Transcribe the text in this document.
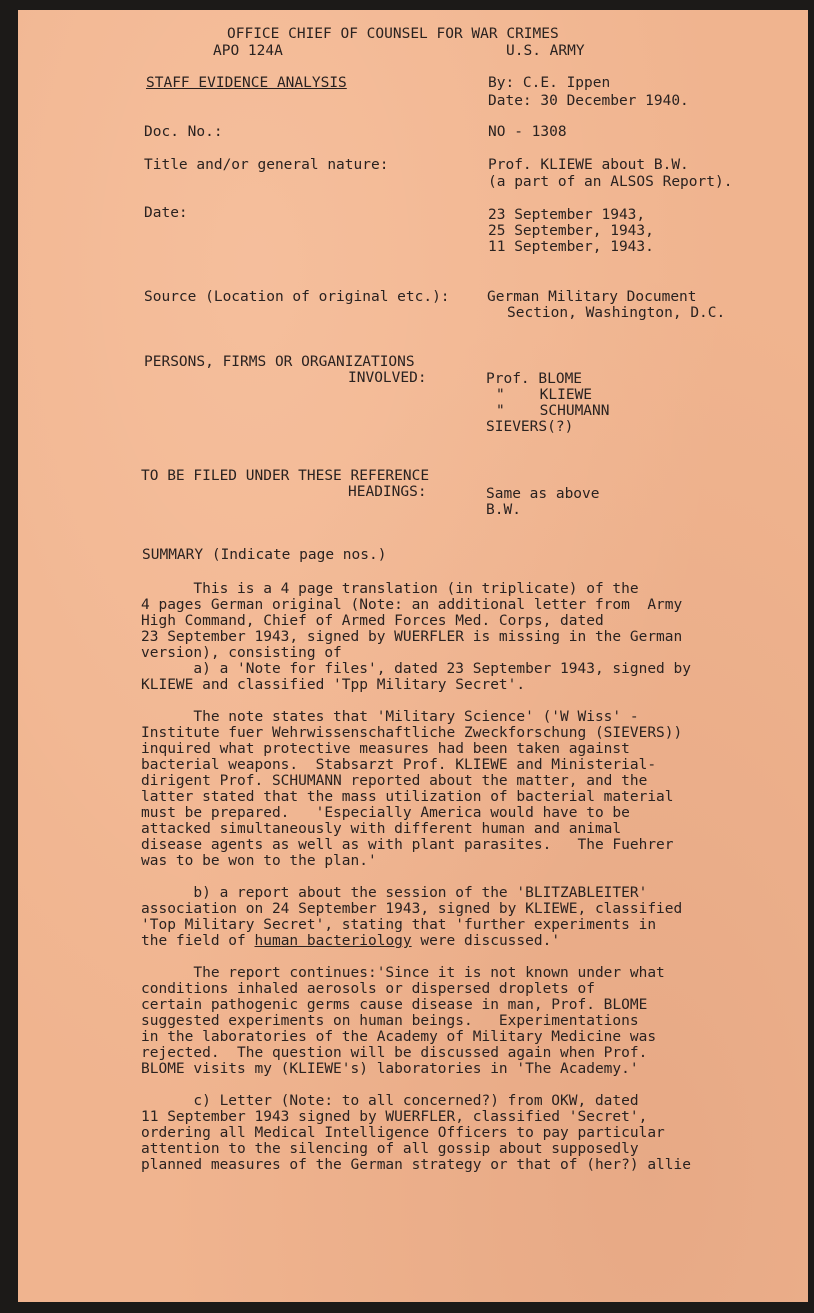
OFFICE CHIEF OF COUNSEL FOR WAR CRIMES
APO 124A	U.S. ARMY
STAFF EVIDENCE ANALYSIS	By: C.E. Ippen
Date: 30 December 1940.
Doc. No.:	NO - 1308
Title and/or general nature:	Prof. KLIEWE about B.W.
(a part of an ALSOS Report).
Date:	23 September 1943,
25 September, 1943,
11 September, 1943.
Source (Location of original etc.):	German Military Document
Section, Washington, D.C.
PERSONS, FIRMS OR ORGANIZATIONS
INVOLVED:	Prof. BLOME
"    KLIEWE
"    SCHUMANN
SIEVERS(?)
TO BE FILED UNDER THESE REFERENCE
HEADINGS:	Same as above
B.W.
SUMMARY (Indicate page nos.)
This is a 4 page translation (in triplicate) of the
4 pages German original (Note: an additional letter from  Army
High Command, Chief of Armed Forces Med. Corps, dated
23 September 1943, signed by WUERFLER is missing in the German
version), consisting of
a) a 'Note for files', dated 23 September 1943, signed by
KLIEWE and classified 'Tpp Military Secret'.
The note states that 'Military Science' ('W Wiss' -
Institute fuer Wehrwissenschaftliche Zweckforschung (SIEVERS))
inquired what protective measures had been taken against
bacterial weapons.  Stabsarzt Prof. KLIEWE and Ministerial-
dirigent Prof. SCHUMANN reported about the matter, and the
latter stated that the mass utilization of bacterial material
must be prepared.   'Especially America would have to be
attacked simultaneously with different human and animal
disease agents as well as with plant parasites.   The Fuehrer
was to be won to the plan.'
b) a report about the session of the 'BLITZABLEITER'
association on 24 September 1943, signed by KLIEWE, classified
'Top Military Secret', stating that 'further experiments in
the field of human bacteriology were discussed.'
The report continues:'Since it is not known under what
conditions inhaled aerosols or dispersed droplets of
certain pathogenic germs cause disease in man, Prof. BLOME
suggested experiments on human beings.   Experimentations
in the laboratories of the Academy of Military Medicine was
rejected.  The question will be discussed again when Prof.
BLOME visits my (KLIEWE's) laboratories in 'The Academy.'
c) Letter (Note: to all concerned?) from OKW, dated
11 September 1943 signed by WUERFLER, classified 'Secret',
ordering all Medical Intelligence Officers to pay particular
attention to the silencing of all gossip about supposedly
planned measures of the German strategy or that of (her?) allie
